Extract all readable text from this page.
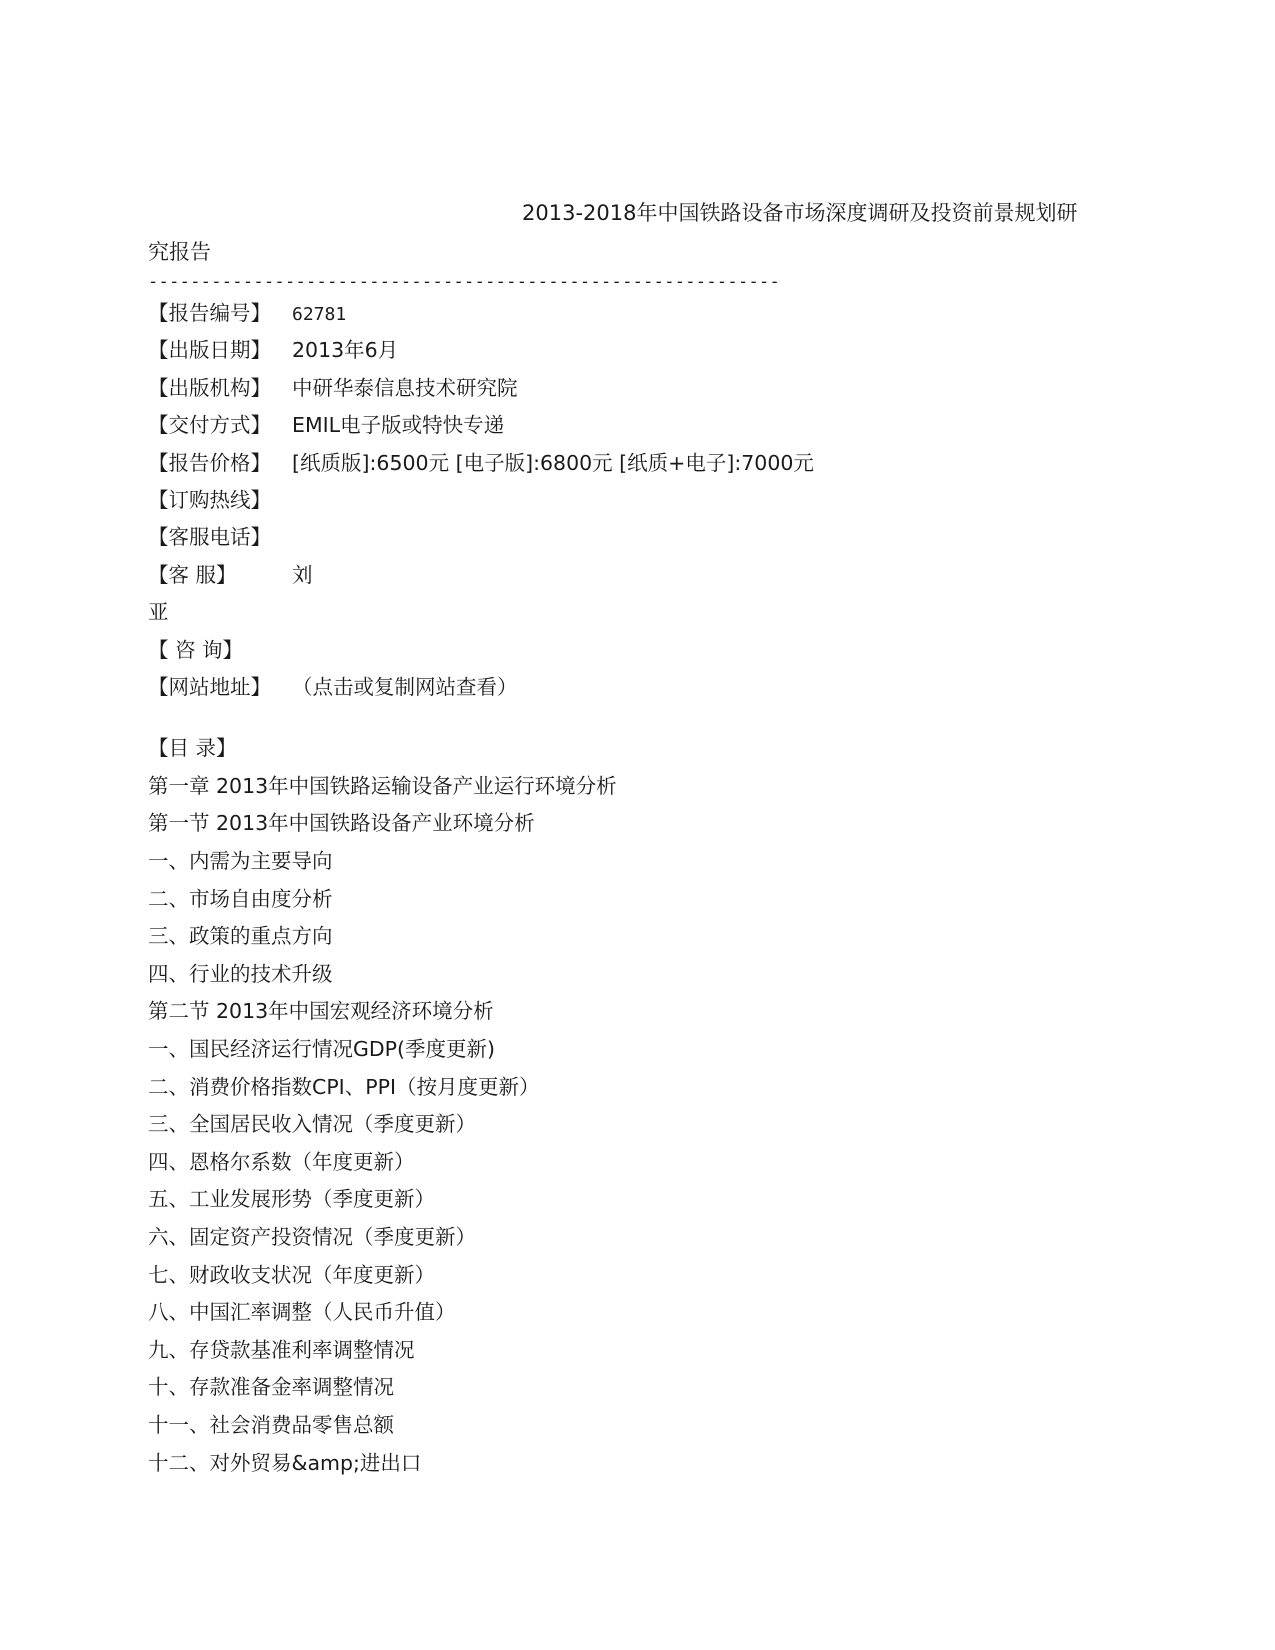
2013-2018年中国铁路设备市场深度调研及投资前景规划研
究报告
------------------------------------------------------------
【报告编号】 62781
【出版日期】 2013年6月
【出版机构】 中研华泰信息技术研究院
【交付方式】 EMIL电子版或特快专递
【报告价格】 [纸质版]:6500元 [电子版]:6800元 [纸质+电子]:7000元
【订购热线】
【客服电话】
【客 服】	刘
亚
【 咨 询】
【网站地址】 （点击或复制网站查看）
【目 录】
第一章 2013年中国铁路运输设备产业运行环境分析
第一节 2013年中国铁路设备产业环境分析
一、内需为主要导向
二、市场自由度分析
三、政策的重点方向
四、行业的技术升级
第二节 2013年中国宏观经济环境分析
一、国民经济运行情况GDP(季度更新)
二、消费价格指数CPI、PPI（按月度更新）
三、全国居民收入情况（季度更新）
四、恩格尔系数（年度更新）
五、工业发展形势（季度更新）
六、固定资产投资情况（季度更新）
七、财政收支状况（年度更新）
八、中国汇率调整（人民币升值）
九、存贷款基准利率调整情况
十、存款准备金率调整情况
十一、社会消费品零售总额
十二、对外贸易&amp;进出口
